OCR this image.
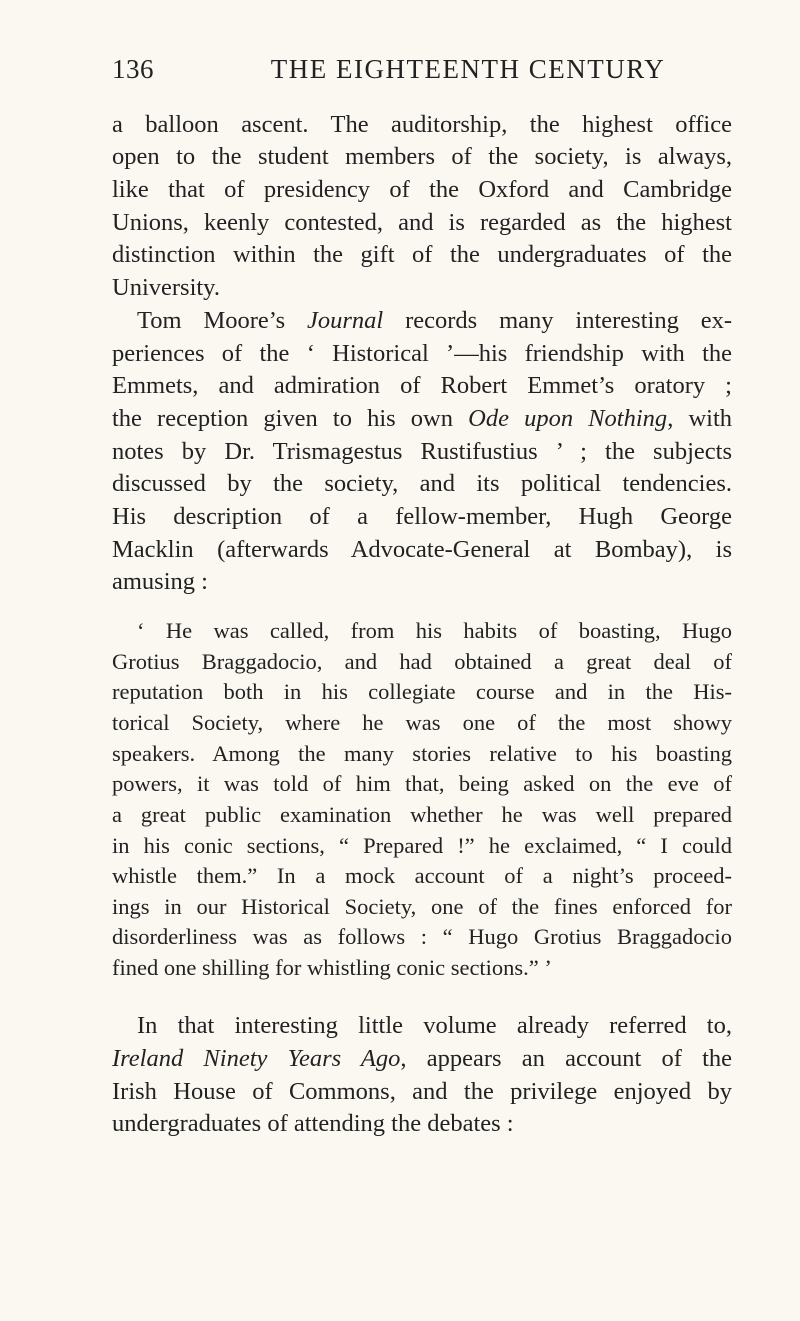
136	THE EIGHTEENTH CENTURY
a balloon ascent. The auditorship, the highest office
open to the student members of the society, is always,
like that of presidency of the Oxford and Cambridge
Unions, keenly contested, and is regarded as the highest
distinction within the gift of the undergraduates of the
University.
Tom Moore’s Journal records many interesting ex-
periences of the ‘ Historical ’—his friendship with the
Emmets, and admiration of Robert Emmet’s oratory ;
the reception given to his own Ode upon Nothing, with
notes by Dr. Trismagestus Rustifustius ’ ; the subjects
discussed by the society, and its political tendencies.
His description of a fellow-member, Hugh George
Macklin (afterwards Advocate-General at Bombay), is
amusing :
‘ He was called, from his habits of boasting, Hugo
Grotius Braggadocio, and had obtained a great deal of
reputation both in his collegiate course and in the His-
torical Society, where he was one of the most showy
speakers. Among the many stories relative to his boasting
powers, it was told of him that, being asked on the eve of
a great public examination whether he was well prepared
in his conic sections, “ Prepared !” he exclaimed, “ I could
whistle them.” In a mock account of a night’s proceed-
ings in our Historical Society, one of the fines enforced for
disorderliness was as follows : “ Hugo Grotius Braggadocio
fined one shilling for whistling conic sections.” ’
In that interesting little volume already referred to,
Ireland Ninety Years Ago, appears an account of the
Irish House of Commons, and the privilege enjoyed by
undergraduates of attending the debates :
